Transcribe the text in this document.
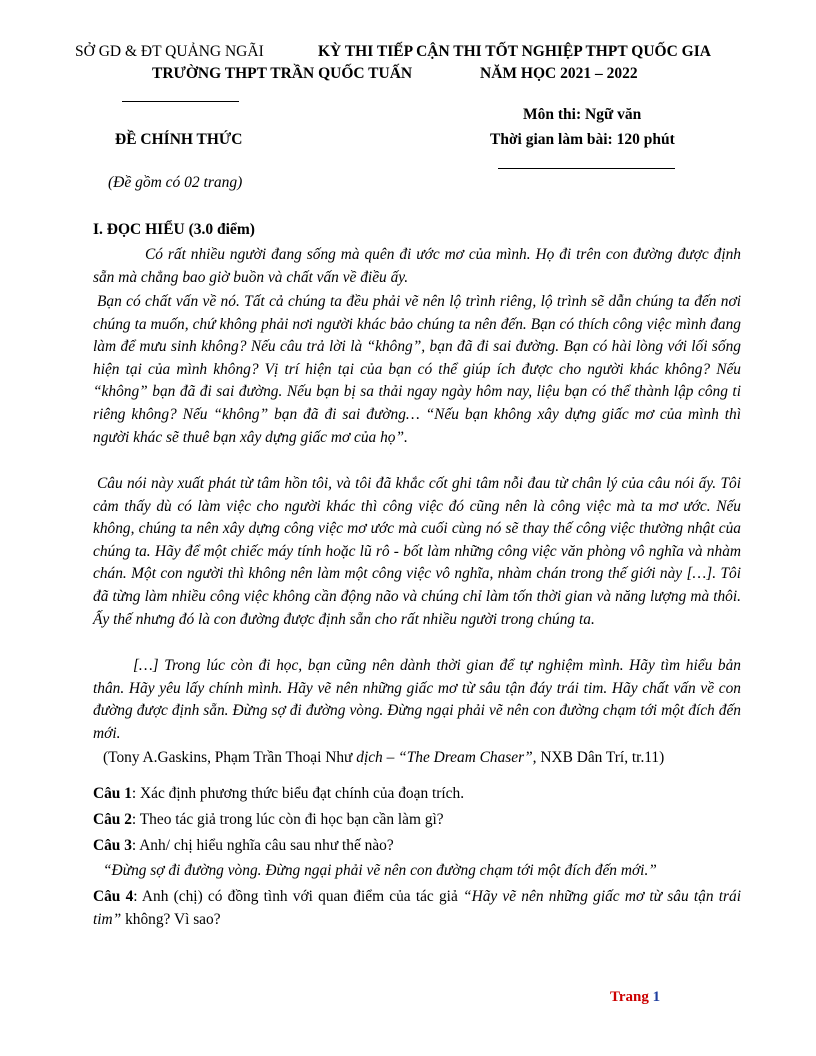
SỞ GD & ĐT QUẢNG NGÃI	KỲ THI TIẾP CẬN THI TỐT NGHIỆP THPT QUỐC GIA
TRƯỜNG THPT TRẦN QUỐC TUẤN	NĂM HỌC 2021 – 2022
Môn thi: Ngữ văn
ĐỀ CHÍNH THỨC	Thời gian làm bài: 120 phút
(Đề gồm có 02 trang)
I. ĐỌC HIỂU (3.0 điểm)
Có rất nhiều người đang sống mà quên đi ước mơ của mình. Họ đi trên con đường được định sẵn mà chẳng bao giờ buồn và chất vấn về điều ấy.
Bạn có chất vấn về nó. Tất cả chúng ta đều phải vẽ nên lộ trình riêng, lộ trình sẽ dẫn chúng ta đến nơi chúng ta muốn, chứ không phải nơi người khác bảo chúng ta nên đến. Bạn có thích công việc mình đang làm để mưu sinh không? Nếu câu trả lời là “không”, bạn đã đi sai đường. Bạn có hài lòng với lối sống hiện tại của mình không? Vị trí hiện tại của bạn có thể giúp ích được cho người khác không? Nếu “không” bạn đã đi sai đường. Nếu bạn bị sa thải ngay ngày hôm nay, liệu bạn có thể thành lập công ti riêng không? Nếu “không” bạn đã đi sai đường… “Nếu bạn không xây dựng giấc mơ của mình thì người khác sẽ thuê bạn xây dựng giấc mơ của họ”.
Câu nói này xuất phát từ tâm hồn tôi, và tôi đã khắc cốt ghi tâm nỗi đau từ chân lý của câu nói ấy. Tôi cảm thấy dù có làm việc cho người khác thì công việc đó cũng nên là công việc mà ta mơ ước. Nếu không, chúng ta nên xây dựng công việc mơ ước mà cuối cùng nó sẽ thay thế công việc thường nhật của chúng ta. Hãy để một chiếc máy tính hoặc lũ rô - bốt làm những công việc văn phòng vô nghĩa và nhàm chán. Một con người thì không nên làm một công việc vô nghĩa, nhàm chán trong thế giới này […]. Tôi đã từng làm nhiều công việc không cần động não và chúng chỉ làm tốn thời gian và năng lượng mà thôi. Ấy thế nhưng đó là con đường được định sẵn cho rất nhiều người trong chúng ta.
[…] Trong lúc còn đi học, bạn cũng nên dành thời gian để tự nghiệm mình. Hãy tìm hiểu bản thân. Hãy yêu lấy chính mình. Hãy vẽ nên những giấc mơ từ sâu tận đáy trái tim. Hãy chất vấn về con đường được định sẵn. Đừng sợ đi đường vòng. Đừng ngại phải vẽ nên con đường chạm tới một đích đến mới.
(Tony A.Gaskins, Phạm Trần Thoại Như dịch – “The Dream Chaser”, NXB Dân Trí, tr.11)
Câu 1: Xác định phương thức biểu đạt chính của đoạn trích.
Câu 2: Theo tác giả trong lúc còn đi học bạn cần làm gì?
Câu 3: Anh/ chị hiểu nghĩa câu sau như thế nào?
“Đừng sợ đi đường vòng. Đừng ngại phải vẽ nên con đường chạm tới một đích đến mới.”
Câu 4: Anh (chị) có đồng tình với quan điểm của tác giả “Hãy vẽ nên những giấc mơ từ sâu tận trái tim” không? Vì sao?
Trang 1
